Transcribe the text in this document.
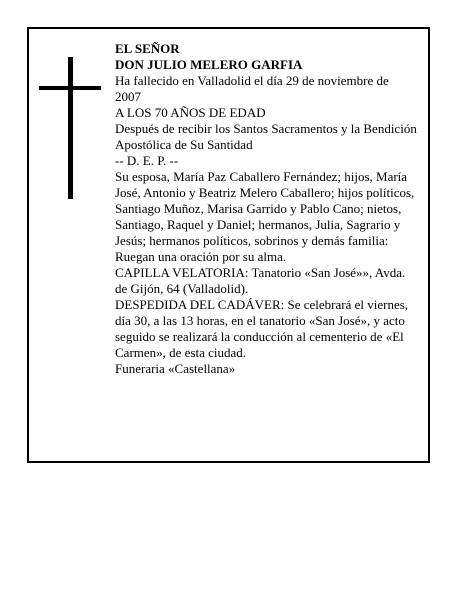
EL SEÑOR

DON JULIO MELERO GARFIA

Ha fallecido en Valladolid el día 29 de noviembre de 2007

A LOS 70 AÑOS DE EDAD

Después de recibir los Santos Sacramentos y la Bendición Apostólica de Su Santidad

-- D. E. P. --

Su esposa, María Paz Caballero Fernández; hijos, María José, Antonio y Beatriz Melero Caballero; hijos políticos, Santiago Muñoz, Marisa Garrido y Pablo Cano; nietos, Santiago, Raquel y Daniel; hermanos, Julia, Sagrario y Jesús; hermanos políticos, sobrinos y demás familia:

Ruegan una oración por su alma.

CAPILLA VELATORIA: Tanatorio «San José»», Avda. de Gijón, 64 (Valladolid).

DESPEDIDA DEL CADÁVER: Se celebrará el viernes, día 30, a las 13 horas, en el tanatorio «San José», y acto seguido se realizará la conducción al cementerio de «El Carmen», de esta ciudad.

Funeraria «Castellana»
